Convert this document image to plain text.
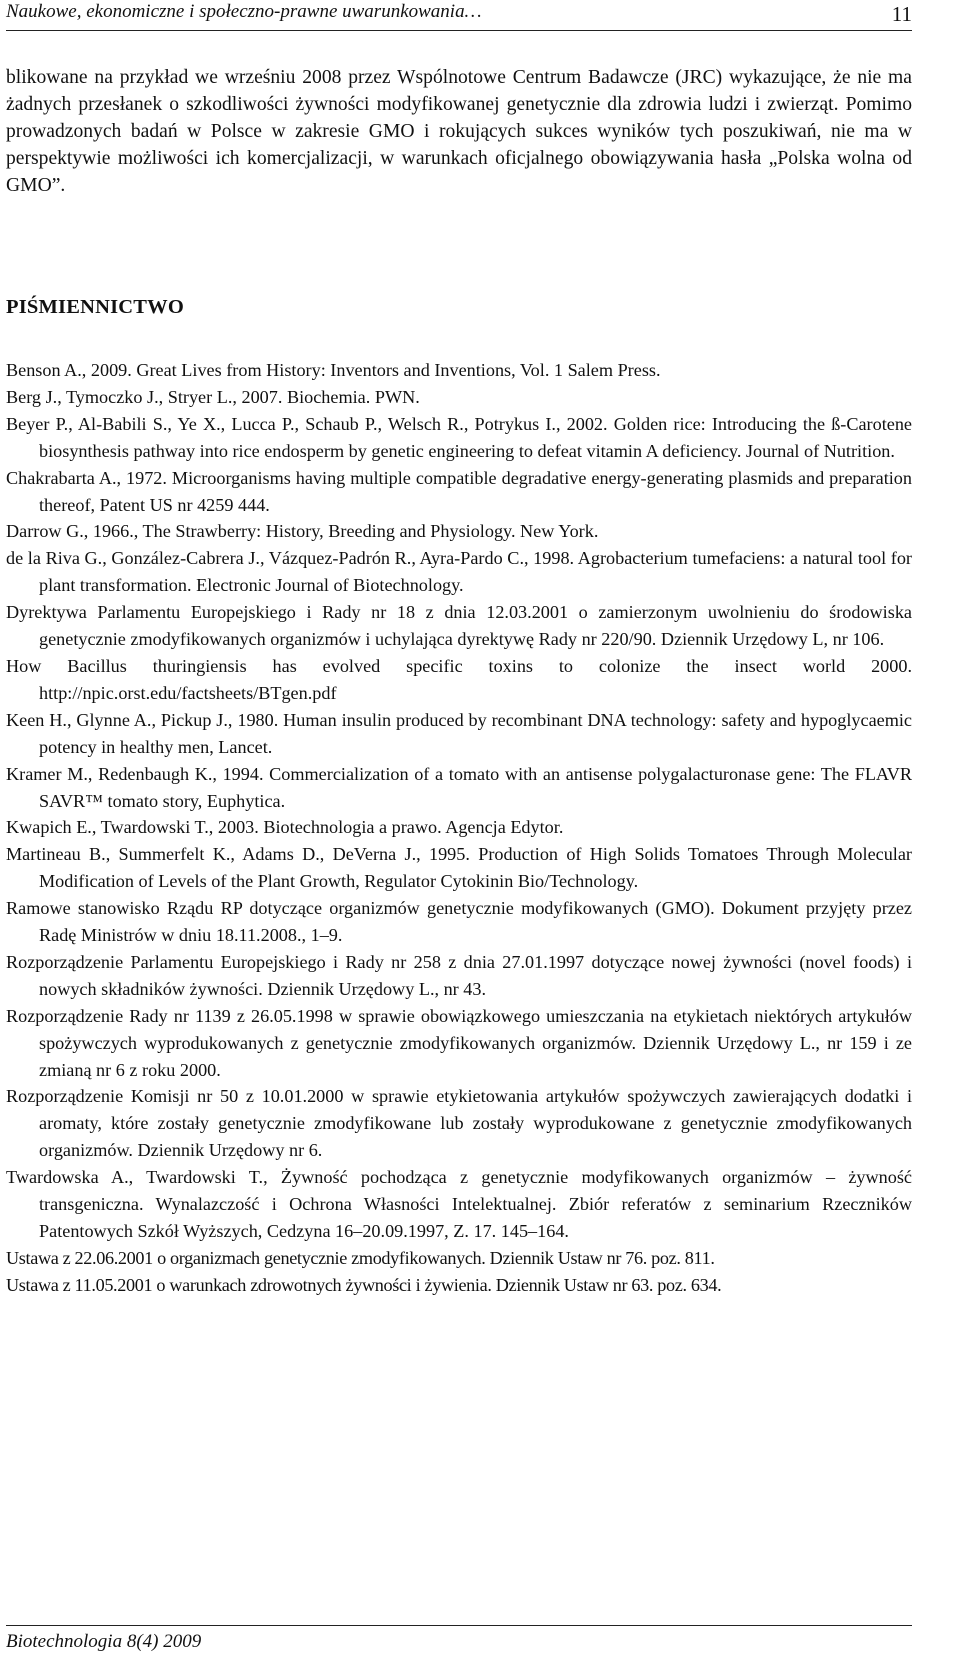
Naukowe, ekonomiczne i społeczno-prawne uwarunkowania…	11

blikowane na przykład we wrześniu 2008 przez Wspólnotowe Centrum Badawcze (JRC) wykazujące, że nie ma żadnych przesłanek o szkodliwości żywności modyfikowanej genetycznie dla zdrowia ludzi i zwierząt. Pomimo prowadzonych badań w Polsce w zakresie GMO i rokujących sukces wyników tych poszukiwań, nie ma w perspektywie możliwości ich komercjalizacji, w warunkach oficjalnego obowiązywania hasła „Polska wolna od GMO”.

PIŚMIENNICTWO
Benson A., 2009. Great Lives from History: Inventors and Inventions, Vol. 1 Salem Press.
Berg J., Tymoczko J., Stryer L., 2007. Biochemia. PWN.
Beyer P., Al-Babili S., Ye X., Lucca P., Schaub P., Welsch R., Potrykus I., 2002. Golden rice: Introducing the ß-Carotene biosynthesis pathway into rice endosperm by genetic engineering to defeat vitamin A deficiency. Journal of Nutrition.
Chakrabarta A., 1972. Microorganisms having multiple compatible degradative energy-generating plasmids and preparation thereof, Patent US nr 4259 444.
Darrow G., 1966., The Strawberry: History, Breeding and Physiology. New York.
de la Riva G., González-Cabrera J., Vázquez-Padrón R., Ayra-Pardo C., 1998. Agrobacterium tumefaciens: a natural tool for plant transformation. Electronic Journal of Biotechnology.
Dyrektywa Parlamentu Europejskiego i Rady nr 18 z dnia 12.03.2001 o zamierzonym uwolnieniu do środowiska genetycznie zmodyfikowanych organizmów i uchylająca dyrektywę Rady nr 220/90. Dziennik Urzędowy L, nr 106.
How Bacillus thuringiensis has evolved specific toxins to colonize the insect world 2000. http://npic.orst.edu/factsheets/BTgen.pdf
Keen H., Glynne A., Pickup J., 1980. Human insulin produced by recombinant DNA technology: safety and hypoglycaemic potency in healthy men, Lancet.
Kramer M., Redenbaugh K., 1994. Commercialization of a tomato with an antisense polygalacturonase gene: The FLAVR SAVR™ tomato story, Euphytica.
Kwapich E., Twardowski T., 2003. Biotechnologia a prawo. Agencja Edytor.
Martineau B., Summerfelt K., Adams D., DeVerna J., 1995. Production of High Solids Tomatoes Through Molecular Modification of Levels of the Plant Growth, Regulator Cytokinin Bio/Technology.
Ramowe stanowisko Rządu RP dotyczące organizmów genetycznie modyfikowanych (GMO). Dokument przyjęty przez Radę Ministrów w dniu 18.11.2008., 1–9.
Rozporządzenie Parlamentu Europejskiego i Rady nr 258 z dnia 27.01.1997 dotyczące nowej żywności (novel foods) i nowych składników żywności. Dziennik Urzędowy L., nr 43.
Rozporządzenie Rady nr 1139 z 26.05.1998 w sprawie obowiązkowego umieszczania na etykietach niektórych artykułów spożywczych wyprodukowanych z genetycznie zmodyfikowanych organizmów. Dziennik Urzędowy L., nr 159 i ze zmianą nr 6 z roku 2000.
Rozporządzenie Komisji nr 50 z 10.01.2000 w sprawie etykietowania artykułów spożywczych zawierających dodatki i aromaty, które zostały genetycznie zmodyfikowane lub zostały wyprodukowane z genetycznie zmodyfikowanych organizmów. Dziennik Urzędowy nr 6.
Twardowska A., Twardowski T., Żywność pochodząca z genetycznie modyfikowanych organizmów – żywność transgeniczna. Wynalazczość i Ochrona Własności Intelektualnej. Zbiór referatów z seminarium Rzeczników Patentowych Szkół Wyższych, Cedzyna 16–20.09.1997, Z. 17. 145–164.
Ustawa z 22.06.2001 o organizmach genetycznie zmodyfikowanych. Dziennik Ustaw nr 76. poz. 811.
Ustawa z 11.05.2001 o warunkach zdrowotnych żywności i żywienia. Dziennik Ustaw nr 63. poz. 634.
Biotechnologia 8(4) 2009
